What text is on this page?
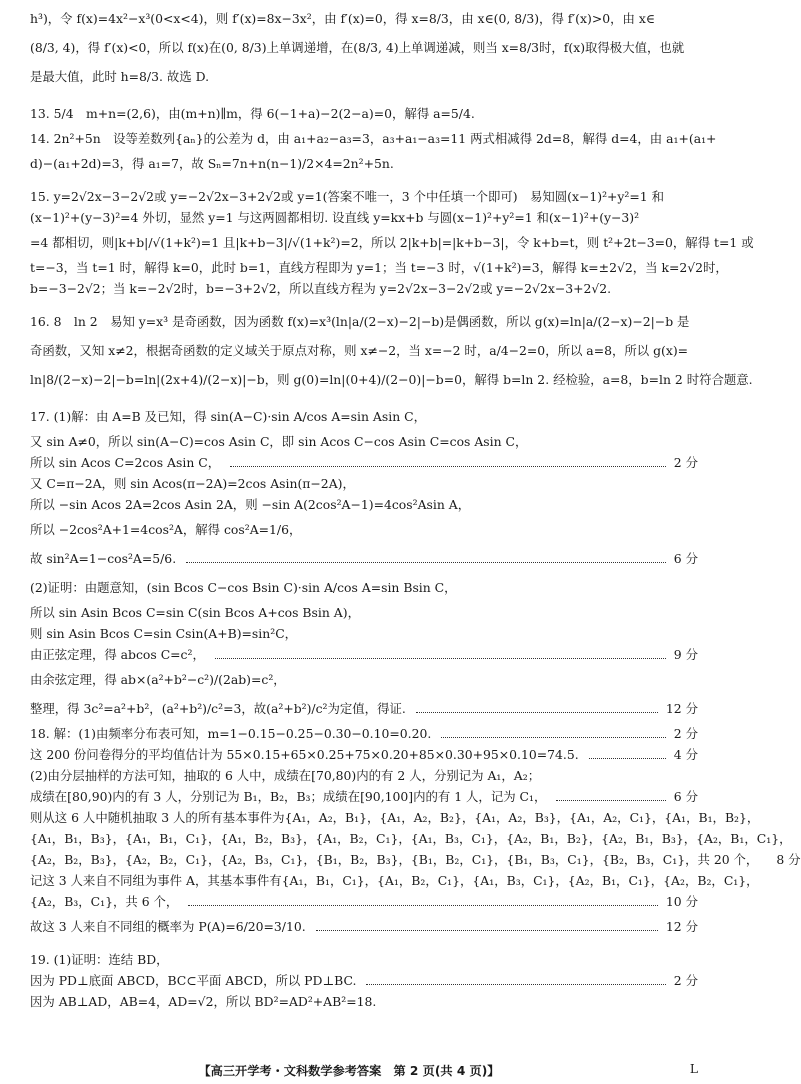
h³)，令 f(x)=4x²−x³(0<x<4)，则 f′(x)=8x−3x²，由 f′(x)=0，得 x=8/3，由 x∈(0, 8/3)，得 f′(x)>0，由 x∈

(8/3, 4)，得 f′(x)<0，所以 f(x)在(0, 8/3)上单调递增，在(8/3, 4)上单调递减，则当 x=8/3时，f(x)取得极大值，也就

是最大值，此时 h=8/3. 故选 D.

13. 5/4　m+n=(2,6)，由(m+n)∥m，得 6(−1+a)−2(2−a)=0，解得 a=5/4.

14. 2n²+5n　设等差数列{aₙ}的公差为 d，由 a₁+a₂−a₃=3，a₃+a₁−a₃=11 两式相减得 2d=8，解得 d=4，由 a₁+(a₁+

d)−(a₁+2d)=3，得 a₁=7，故 Sₙ=7n+n(n−1)/2×4=2n²+5n.

15. y=2√2x−3−2√2或 y=−2√2x−3+2√2或 y=1(答案不唯一，3 个中任填一个即可)　易知圆(x−1)²+y²=1 和

(x−1)²+(y−3)²=4 外切，显然 y=1 与这两圆都相切. 设直线 y=kx+b 与圆(x−1)²+y²=1 和(x−1)²+(y−3)²

=4 都相切，则|k+b|/√(1+k²)=1 且|k+b−3|/√(1+k²)=2，所以 2|k+b|=|k+b−3|，令 k+b=t，则 t²+2t−3=0，解得 t=1 或

t=−3，当 t=1 时，解得 k=0，此时 b=1，直线方程即为 y=1；当 t=−3 时，√(1+k²)=3，解得 k=±2√2，当 k=2√2时，

b=−3−2√2；当 k=−2√2时，b=−3+2√2，所以直线方程为 y=2√2x−3−2√2或 y=−2√2x−3+2√2.

16. 8　ln 2　易知 y=x³ 是奇函数，因为函数 f(x)=x³(ln|a/(2−x)−2|−b)是偶函数，所以 g(x)=ln|a/(2−x)−2|−b 是

奇函数，又知 x≠2，根据奇函数的定义域关于原点对称，则 x≠−2，当 x=−2 时，a/4−2=0，所以 a=8，所以 g(x)=

ln|8/(2−x)−2|−b=ln|(2x+4)/(2−x)|−b，则 g(0)=ln|(0+4)/(2−0)|−b=0，解得 b=ln 2. 经检验，a=8，b=ln 2 时符合题意.

17. (1)解：由 A=B 及已知，得 sin(A−C)·sin A/cos A=sin Asin C，

又 sin A≠0，所以 sin(A−C)=cos Asin C，即 sin Acos C−cos Asin C=cos Asin C，

所以 sin Acos C=2cos Asin C，	2 分

又 C=π−2A，则 sin Acos(π−2A)=2cos Asin(π−2A)，

所以 −sin Acos 2A=2cos Asin 2A，则 −sin A(2cos²A−1)=4cos²Asin A，

所以 −2cos²A+1=4cos²A，解得 cos²A=1/6，

故 sin²A=1−cos²A=5/6.	6 分

(2)证明：由题意知，(sin Bcos C−cos Bsin C)·sin A/cos A=sin Bsin C，

所以 sin Asin Bcos C=sin C(sin Bcos A+cos Bsin A)，

则 sin Asin Bcos C=sin Csin(A+B)=sin²C，

由正弦定理，得 abcos C=c²，	9 分

由余弦定理，得 ab×(a²+b²−c²)/(2ab)=c²，

整理，得 3c²=a²+b²，(a²+b²)/c²=3，故(a²+b²)/c²为定值，得证.	12 分
18. 解：(1)由频率分布表可知，m=1−0.15−0.25−0.30−0.10=0.20.	2 分
这 200 份问卷得分的平均值估计为 55×0.15+65×0.25+75×0.20+85×0.30+95×0.10=74.5.	4 分

(2)由分层抽样的方法可知，抽取的 6 人中，成绩在[70,80)内的有 2 人，分别记为 A₁，A₂；

成绩在[80,90)内的有 3 人，分别记为 B₁，B₂，B₃；成绩在[90,100]内的有 1 人，记为 C₁，	6 分

则从这 6 人中随机抽取 3 人的所有基本事件为{A₁，A₂，B₁}，{A₁，A₂，B₂}，{A₁，A₂，B₃}，{A₁，A₂，C₁}，{A₁，B₁，B₂}，

{A₁，B₁，B₃}，{A₁，B₁，C₁}，{A₁，B₂，B₃}，{A₁，B₂，C₁}，{A₁，B₃，C₁}，{A₂，B₁，B₂}，{A₂，B₁，B₃}，{A₂，B₁，C₁}，

{A₂，B₂，B₃}，{A₂，B₂，C₁}，{A₂，B₃，C₁}，{B₁，B₂，B₃}，{B₁，B₂，C₁}，{B₁，B₃，C₁}，{B₂，B₃，C₁}，共 20 个， 8 分

记这 3 人来自不同组为事件 A，其基本事件有{A₁，B₁，C₁}，{A₁，B₂，C₁}，{A₁，B₃，C₁}，{A₂，B₁，C₁}，{A₂，B₂，C₁}，

{A₂，B₃，C₁}，共 6 个，	10 分
故这 3 人来自不同组的概率为 P(A)=6/20=3/10.	12 分

19. (1)证明：连结 BD，

因为 PD⊥底面 ABCD，BC⊂平面 ABCD，所以 PD⊥BC.	2 分

因为 AB⊥AD，AB=4，AD=√2，所以 BD²=AD²+AB²=18.

【高三开学考・文科数学参考答案　第 2 页(共 4 页)】	L
